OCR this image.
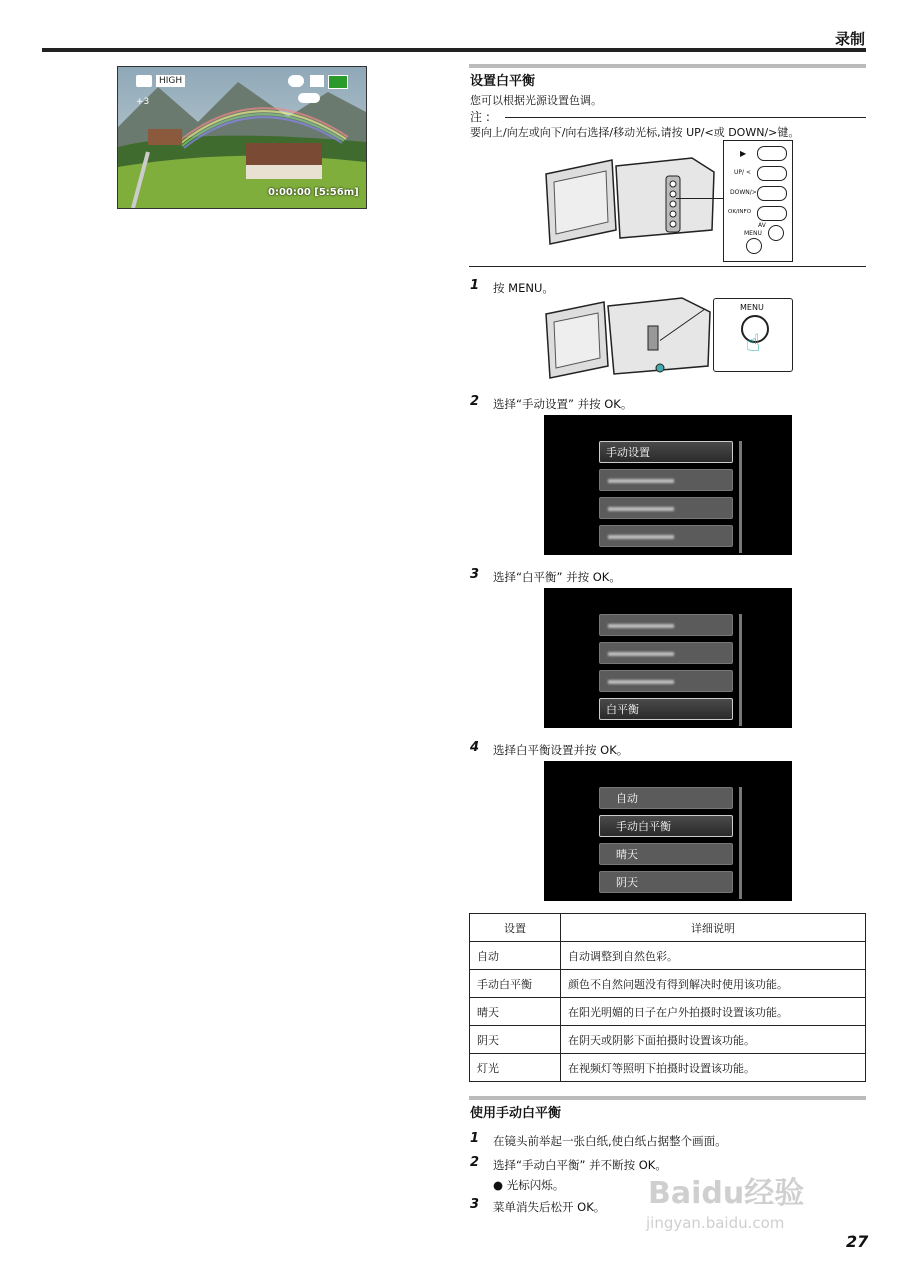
录制
HIGH
+3
0:00:00 [5:56m]
设置白平衡
您可以根据光源设置色调。
注 :
要向上/向左或向下/向右选择/移动光标,请按 UP/<或 DOWN/>键。
▶
UP/ <
DOWN/>
OK/INFO
AV
MENU
1 按 MENU。
MENU
☝
2 选择“手动设置” 并按 OK。
手动设置
3 选择“白平衡” 并按 OK。
白平衡
4 选择白平衡设置并按 OK。
自动
手动白平衡
晴天
阴天
设置	详细说明
自动	自动调整到自然色彩。
手动白平衡	颜色不自然问题没有得到解决时使用该功能。
晴天	在阳光明媚的日子在户外拍摄时设置该功能。
阴天	在阴天或阴影下面拍摄时设置该功能。
灯光	在视频灯等照明下拍摄时设置该功能。
使用手动白平衡
1 在镜头前举起一张白纸,使白纸占据整个画面。
2 选择“手动白平衡” 并不断按 OK。
● 光标闪烁。
3 菜单消失后松开 OK。 Baidu经验
jingyan.baidu.com
27
